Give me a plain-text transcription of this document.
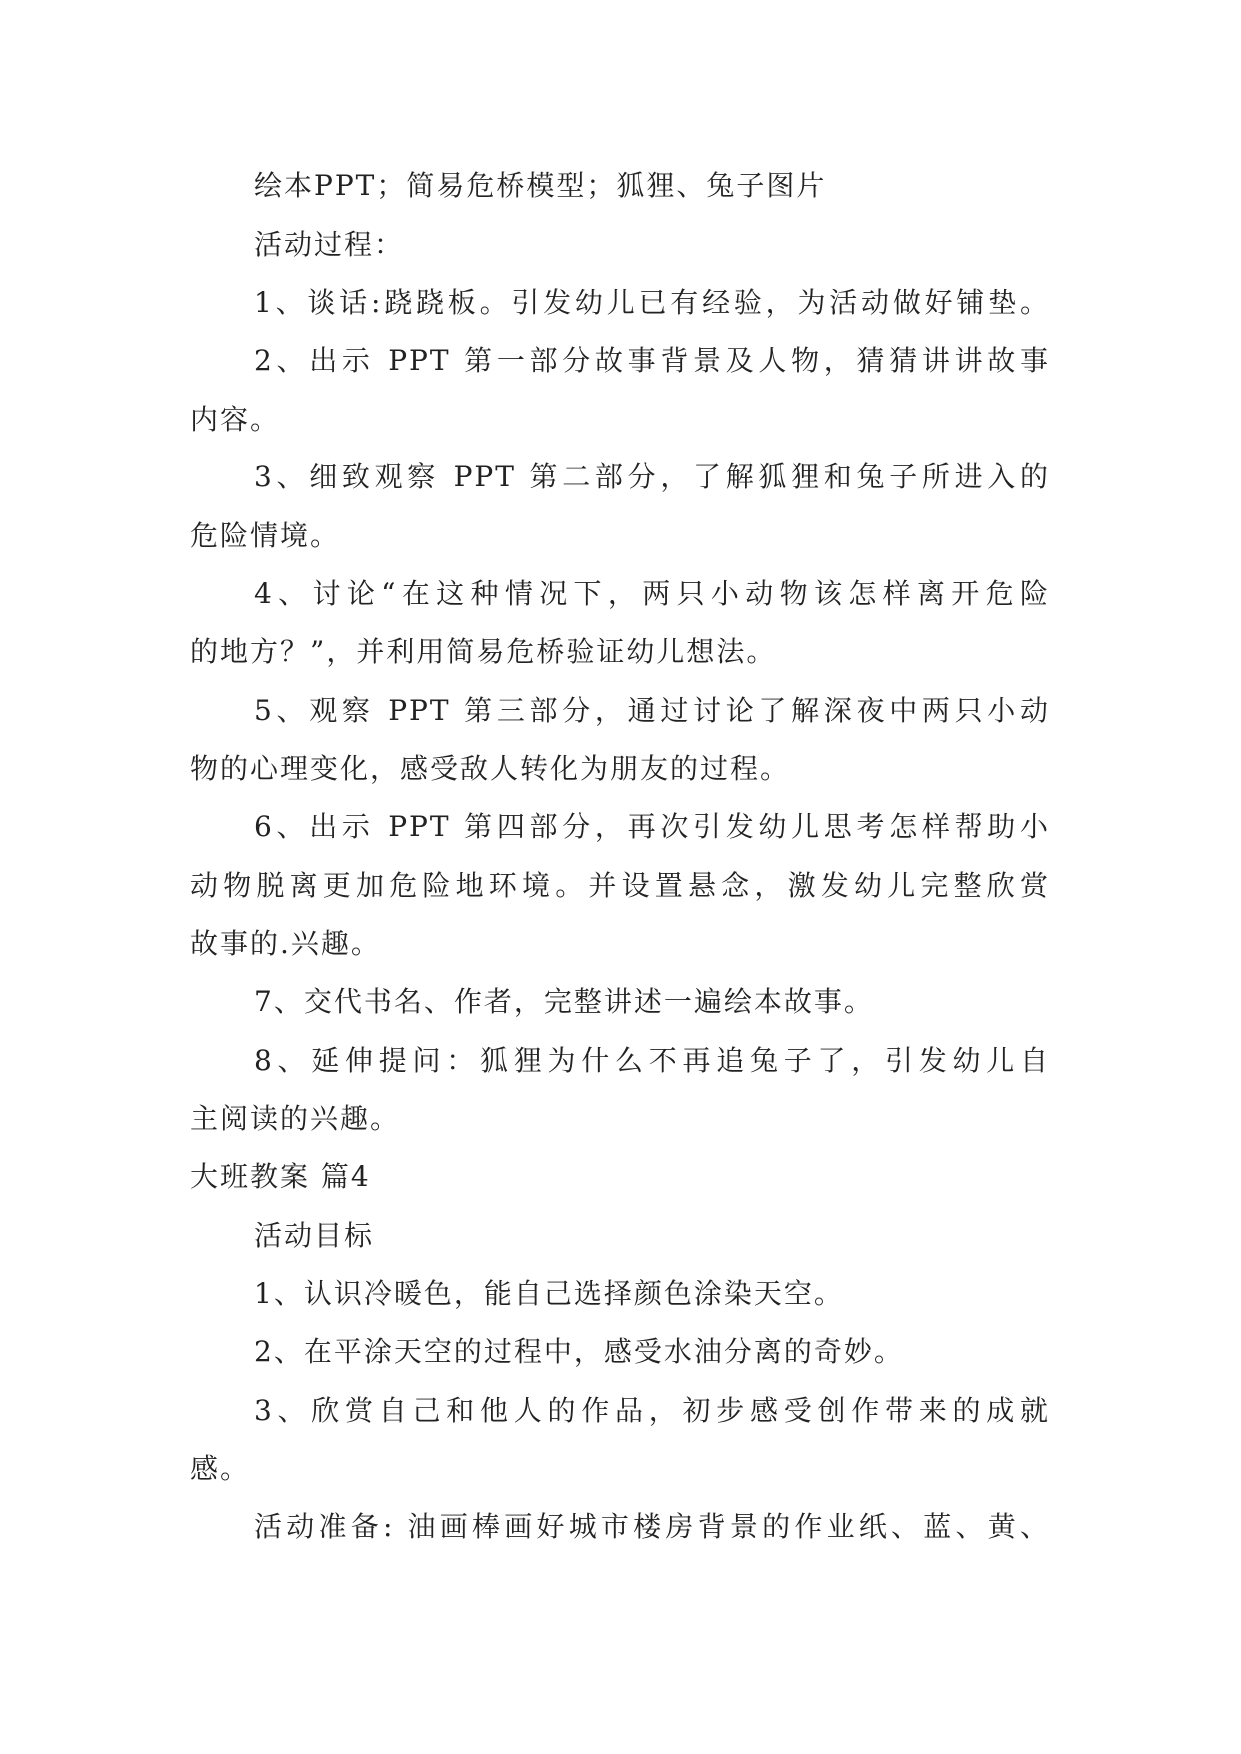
绘本PPT；简易危桥模型；狐狸、兔子图片
活动过程：
1、谈话:跷跷板。引发幼儿已有经验，为活动做好铺垫。
2、出示 PPT 第一部分故事背景及人物，猜猜讲讲故事
内容。
3、细致观察 PPT 第二部分，了解狐狸和兔子所进入的
危险情境。
4、讨论“在这种情况下，两只小动物该怎样离开危险
的地方？”，并利用简易危桥验证幼儿想法。
5、观察 PPT 第三部分，通过讨论了解深夜中两只小动
物的心理变化，感受敌人转化为朋友的过程。
6、出示 PPT 第四部分，再次引发幼儿思考怎样帮助小
动物脱离更加危险地环境。并设置悬念，激发幼儿完整欣赏
故事的.兴趣。
7、交代书名、作者，完整讲述一遍绘本故事。
8、延伸提问：狐狸为什么不再追兔子了，引发幼儿自
主阅读的兴趣。
大班教案 篇4
活动目标
1、认识冷暖色，能自己选择颜色涂染天空。
2、在平涂天空的过程中，感受水油分离的奇妙。
3、欣赏自己和他人的作品，初步感受创作带来的成就
感。
活动准备: 油画棒画好城市楼房背景的作业纸、蓝、黄、
